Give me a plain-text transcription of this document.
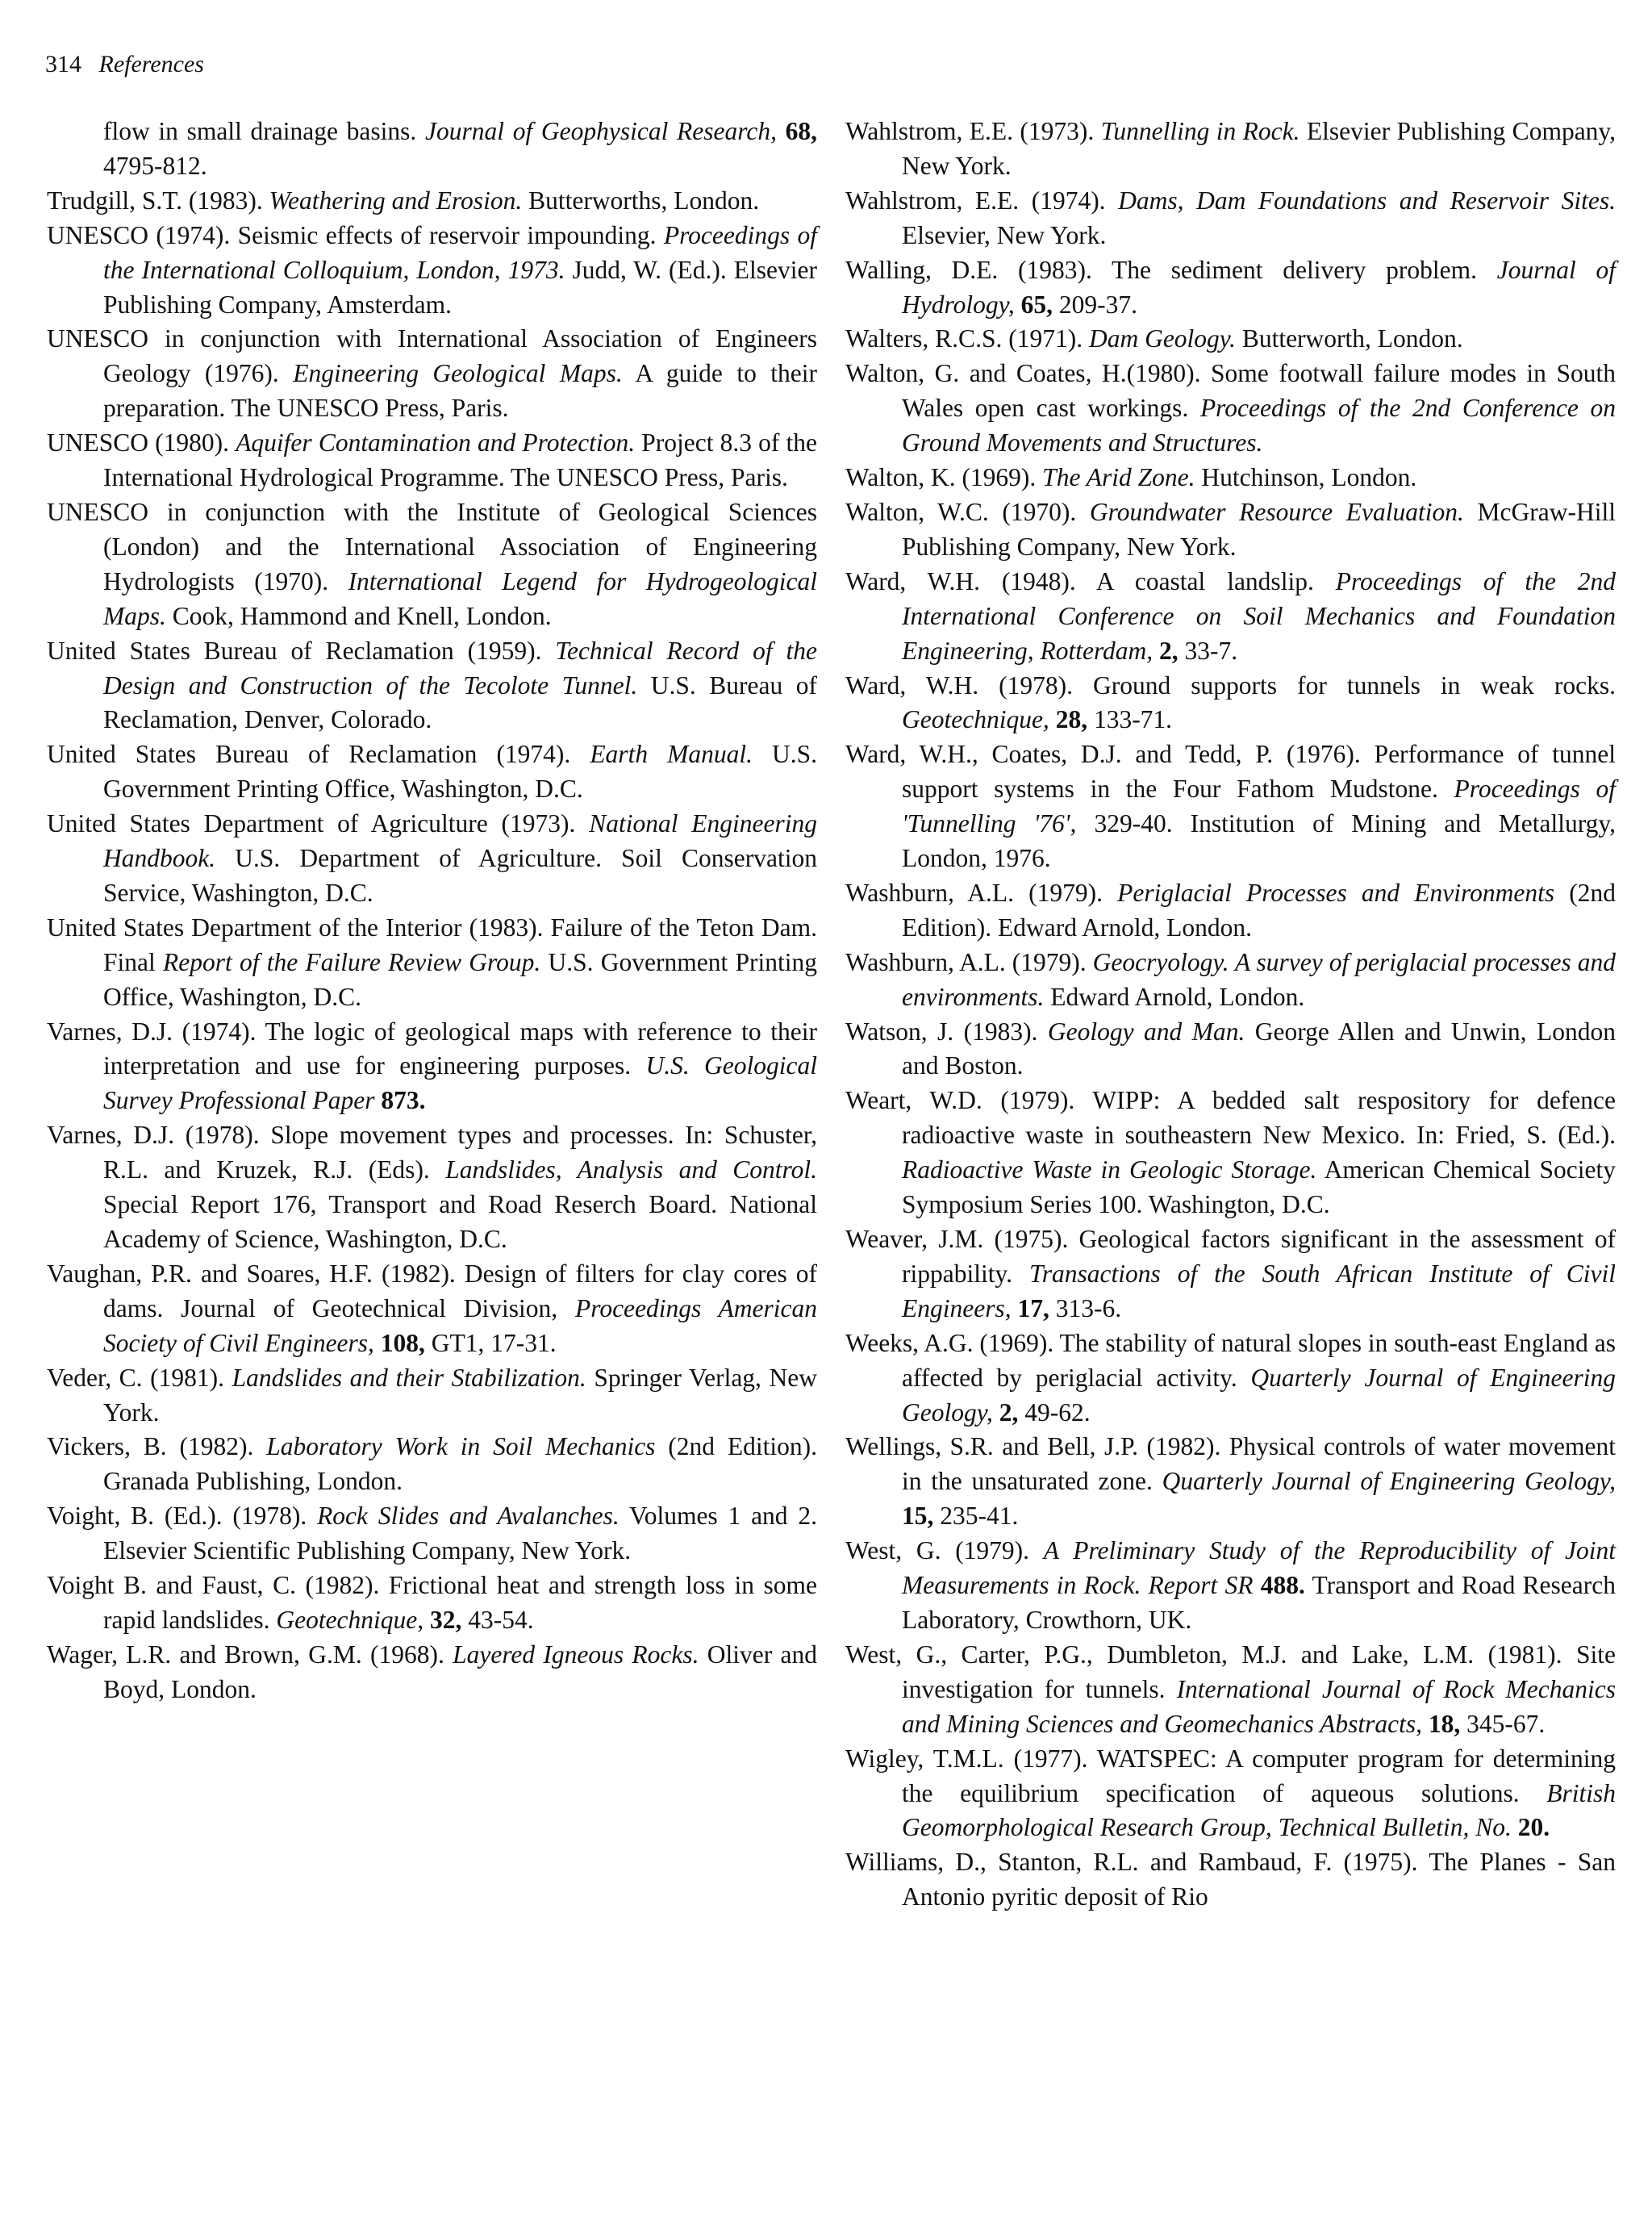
314 References

flow in small drainage basins. Journal of Geophysical Research, 68, 4795-812.

Trudgill, S.T. (1983). Weathering and Erosion. Butterworths, London.

UNESCO (1974). Seismic effects of reservoir impounding. Proceedings of the International Colloquium, London, 1973. Judd, W. (Ed.). Elsevier Publishing Company, Amsterdam.

UNESCO in conjunction with International Association of Engineers Geology (1976). Engineering Geological Maps. A guide to their preparation. The UNESCO Press, Paris.

UNESCO (1980). Aquifer Contamination and Protection. Project 8.3 of the International Hydrological Programme. The UNESCO Press, Paris.

UNESCO in conjunction with the Institute of Geological Sciences (London) and the International Association of Engineering Hydrologists (1970). International Legend for Hydrogeological Maps. Cook, Hammond and Knell, London.

United States Bureau of Reclamation (1959). Technical Record of the Design and Construction of the Tecolote Tunnel. U.S. Bureau of Reclamation, Denver, Colorado.

United States Bureau of Reclamation (1974). Earth Manual. U.S. Government Printing Office, Washington, D.C.

United States Department of Agriculture (1973). National Engineering Handbook. U.S. Department of Agriculture. Soil Conservation Service, Washington, D.C.

United States Department of the Interior (1983). Failure of the Teton Dam. Final Report of the Failure Review Group. U.S. Government Printing Office, Washington, D.C.

Varnes, D.J. (1974). The logic of geological maps with reference to their interpretation and use for engineering purposes. U.S. Geological Survey Professional Paper 873.

Varnes, D.J. (1978). Slope movement types and processes. In: Schuster, R.L. and Kruzek, R.J. (Eds). Landslides, Analysis and Control. Special Report 176, Transport and Road Reserch Board. National Academy of Science, Washington, D.C.

Vaughan, P.R. and Soares, H.F. (1982). Design of filters for clay cores of dams. Journal of Geotechnical Division, Proceedings American Society of Civil Engineers, 108, GT1, 17-31.

Veder, C. (1981). Landslides and their Stabilization. Springer Verlag, New York.

Vickers, B. (1982). Laboratory Work in Soil Mechanics (2nd Edition). Granada Publishing, London.

Voight, B. (Ed.). (1978). Rock Slides and Avalanches. Volumes 1 and 2. Elsevier Scientific Publishing Company, New York.

Voight B. and Faust, C. (1982). Frictional heat and strength loss in some rapid landslides. Geotechnique, 32, 43-54.

Wager, L.R. and Brown, G.M. (1968). Layered Igneous Rocks. Oliver and Boyd, London.

Wahlstrom, E.E. (1973). Tunnelling in Rock. Elsevier Publishing Company, New York.

Wahlstrom, E.E. (1974). Dams, Dam Foundations and Reservoir Sites. Elsevier, New York.

Walling, D.E. (1983). The sediment delivery problem. Journal of Hydrology, 65, 209-37.

Walters, R.C.S. (1971). Dam Geology. Butterworth, London.

Walton, G. and Coates, H.(1980). Some footwall failure modes in South Wales open cast workings. Proceedings of the 2nd Conference on Ground Movements and Structures.

Walton, K. (1969). The Arid Zone. Hutchinson, London.

Walton, W.C. (1970). Groundwater Resource Evaluation. McGraw-Hill Publishing Company, New York.

Ward, W.H. (1948). A coastal landslip. Proceedings of the 2nd International Conference on Soil Mechanics and Foundation Engineering, Rotterdam, 2, 33-7.

Ward, W.H. (1978). Ground supports for tunnels in weak rocks. Geotechnique, 28, 133-71.

Ward, W.H., Coates, D.J. and Tedd, P. (1976). Performance of tunnel support systems in the Four Fathom Mudstone. Proceedings of 'Tunnelling '76', 329-40. Institution of Mining and Metallurgy, London, 1976.

Washburn, A.L. (1979). Periglacial Processes and Environments (2nd Edition). Edward Arnold, London.

Washburn, A.L. (1979). Geocryology. A survey of periglacial processes and environments. Edward Arnold, London.

Watson, J. (1983). Geology and Man. George Allen and Unwin, London and Boston.

Weart, W.D. (1979). WIPP: A bedded salt respository for defence radioactive waste in southeastern New Mexico. In: Fried, S. (Ed.). Radioactive Waste in Geologic Storage. American Chemical Society Symposium Series 100. Washington, D.C.

Weaver, J.M. (1975). Geological factors significant in the assessment of rippability. Transactions of the South African Institute of Civil Engineers, 17, 313-6.

Weeks, A.G. (1969). The stability of natural slopes in south-east England as affected by periglacial activity. Quarterly Journal of Engineering Geology, 2, 49-62.

Wellings, S.R. and Bell, J.P. (1982). Physical controls of water movement in the unsaturated zone. Quarterly Journal of Engineering Geology, 15, 235-41.

West, G. (1979). A Preliminary Study of the Reproducibility of Joint Measurements in Rock. Report SR 488. Transport and Road Research Laboratory, Crowthorn, UK.

West, G., Carter, P.G., Dumbleton, M.J. and Lake, L.M. (1981). Site investigation for tunnels. International Journal of Rock Mechanics and Mining Sciences and Geomechanics Abstracts, 18, 345-67.

Wigley, T.M.L. (1977). WATSPEC: A computer program for determining the equilibrium specification of aqueous solutions. British Geomorphological Research Group, Technical Bulletin, No. 20.

Williams, D., Stanton, R.L. and Rambaud, F. (1975). The Planes - San Antonio pyritic deposit of Rio
